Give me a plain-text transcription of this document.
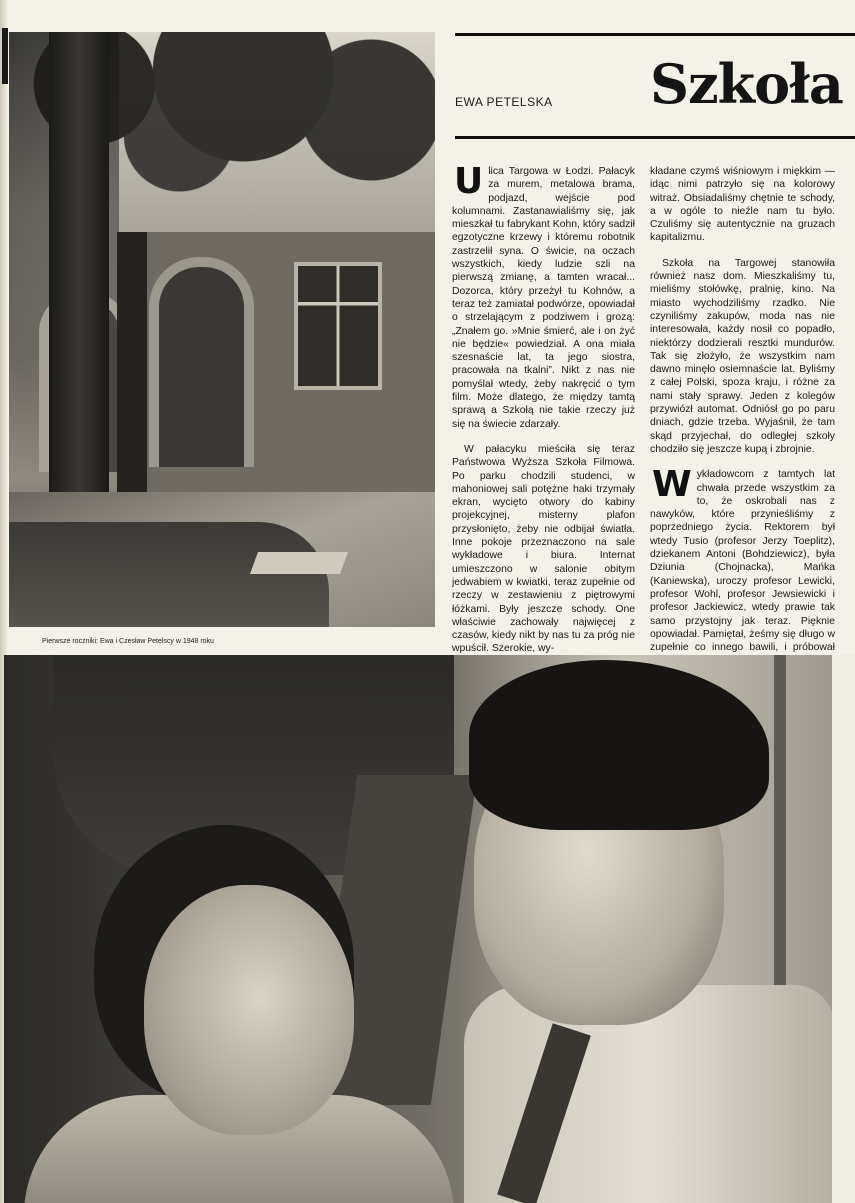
Pierwsze roczniki: Ewa i Czesław Petelscy w 1948 roku
EWA PETELSKA Szkoła

Ulica Targowa w Łodzi. Pałacyk za murem, metalowa brama, podjazd, wejście pod kolumnami. Zastanawialiśmy się, jak mieszkał tu fabrykant Kohn, który sadził egzotyczne krzewy i któremu robotnik zastrzelił syna. O świcie, na oczach wszystkich, kiedy ludzie szli na pierwszą zmianę, a tamten wracał... Dozorca, który przeżył tu Kohnów, a teraz też zamiatał podwórze, opowiadał o strzelającym z podziwem i grozą: „Znałem go. »Mnie śmierć, ale i on żyć nie będzie« powiedział. A ona miała szesnaście lat, ta jego siostra, pracowała na tkalni”. Nikt z nas nie pomyślał wtedy, żeby nakręcić o tym film. Może dlatego, że między tamtą sprawą a Szkołą nie takie rzeczy już się na świecie zdarzały.

W pałacyku mieściła się teraz Państwowa Wyższa Szkoła Filmowa. Po parku chodzili studenci, w mahoniowej sali potężne haki trzymały ekran, wycięto otwory do kabiny projekcyjnej, misterny plafon przysłonięto, żeby nie odbijał światła. Inne pokoje przeznaczono na sale wykładowe i biura. Internat umieszczono w salonie obitym jedwabiem w kwiatki, teraz zupełnie od rzeczy w zestawieniu z piętrowymi łóżkami. Były jeszcze schody. One właściwie zachowały najwięcej z czasów, kiedy nikt by nas tu za próg nie wpuścił. Szerokie, wy-

kładane czymś wiśniowym i miękkim — idąc nimi patrzyło się na kolorowy witraż. Obsiadaliśmy chętnie te schody, a w ogóle to nieźle nam tu było. Czuliśmy się autentycznie na gruzach kapitalizmu.

Szkoła na Targowej stanowiła również nasz dom. Mieszkaliśmy tu, mieliśmy stołówkę, pralnię, kino. Na miasto wychodziliśmy rzadko. Nie czyniliśmy zakupów, moda nas nie interesowała, każdy nosił co popadło, niektórzy dodzierali resztki mundurów. Tak się złożyło, że wszystkim nam dawno minęło osiemnaście lat. Byliśmy z całej Polski, spoza kraju, i różne za nami stały sprawy. Jeden z kolegów przywiózł automat. Odniósł go po paru dniach, gdzie trzeba. Wyjaśnił, że tam skąd przyjechał, do odległej szkoły chodziło się jeszcze kupą i zbrojnie.

Wykładowcom z tamtych lat chwała przede wszystkim za to, że oskrobali nas z nawyków, które przynieśliśmy z poprzedniego życia. Rektorem był wtedy Tusio (profesor Jerzy Toeplitz), dziekanem Antoni (Bohdziewicz), była Dziunia (Chojnacka), Mańka (Kaniewska), uroczy profesor Lewicki, profesor Wohl, profesor Jewsiewicki i profesor Jackiewicz, wtedy prawie tak samo przystojny jak teraz. Pięknie opowiadał. Pamiętał, żeśmy się długo w zupełnie co innego bawili, i próbował
